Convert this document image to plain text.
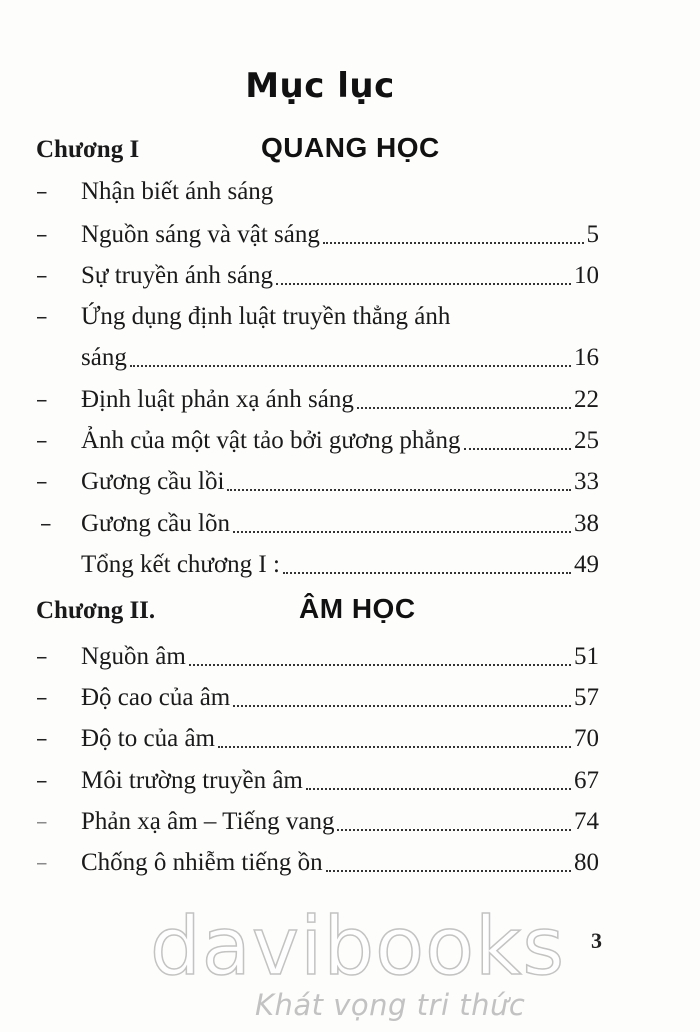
Mục lục
Chương I	QUANG HỌC
– Nhận biết ánh sáng
– Nguồn sáng và vật sáng	5
– Sự truyền ánh sáng	10
– Ứng dụng định luật truyền thẳng ánh
sáng	16
– Định luật phản xạ ánh sáng	22
– Ảnh của một vật tảo bởi gương phẳng	25
– Gương cầu lồi	33
– Gương cầu lõn	38
Tổng kết chương I :	49
Chương II.	ÂM HỌC
– Nguồn âm	51
– Độ cao của âm	57
– Độ to của âm	70
– Môi trường truyền âm	67
– Phản xạ âm – Tiếng vang	74
– Chống ô nhiễm tiếng ồn	80
3
davibooks
Khát vọng tri thức
